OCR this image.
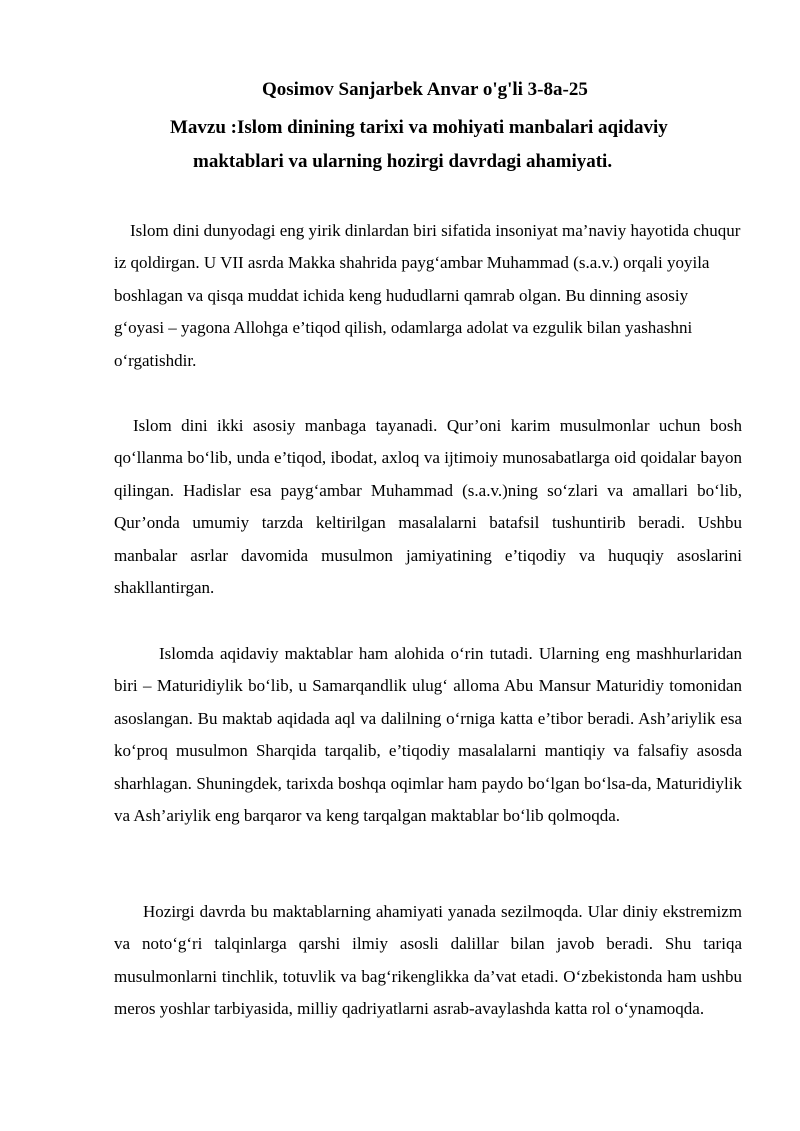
Qosimov Sanjarbek Anvar o'g'li 3-8a-25

Mavzu :Islom dinining tarixi va mohiyati manbalari aqidaviy

maktablari va ularning hozirgi davrdagi ahamiyati.

Islom dini dunyodagi eng yirik dinlardan biri sifatida insoniyat ma’naviy hayotida chuqur iz qoldirgan. U VII asrda Makka shahrida payg‘ambar Muhammad (s.a.v.) orqali yoyila boshlagan va qisqa muddat ichida keng hududlarni qamrab olgan. Bu dinning asosiy g‘oyasi – yagona Allohga e’tiqod qilish, odamlarga adolat va ezgulik bilan yashashni o‘rgatishdir.

Islom dini ikki asosiy manbaga tayanadi. Qur’oni karim musulmonlar uchun bosh qo‘llanma bo‘lib, unda e’tiqod, ibodat, axloq va ijtimoiy munosabatlarga oid qoidalar bayon qilingan. Hadislar esa payg‘ambar Muhammad (s.a.v.)ning so‘zlari va amallari bo‘lib, Qur’onda umumiy tarzda keltirilgan masalalarni batafsil tushuntirib beradi. Ushbu manbalar asrlar davomida musulmon jamiyatining e’tiqodiy va huquqiy asoslarini shakllantirgan.

Islomda aqidaviy maktablar ham alohida o‘rin tutadi. Ularning eng mashhurlaridan biri – Maturidiylik bo‘lib, u Samarqandlik ulug‘ alloma Abu Mansur Maturidiy tomonidan asoslangan. Bu maktab aqidada aql va dalilning o‘rniga katta e’tibor beradi. Ash’ariylik esa ko‘proq musulmon Sharqida tarqalib, e’tiqodiy masalalarni mantiqiy va falsafiy asosda sharhlagan. Shuningdek, tarixda boshqa oqimlar ham paydo bo‘lgan bo‘lsa-da, Maturidiylik va Ash’ariylik eng barqaror va keng tarqalgan maktablar bo‘lib qolmoqda.

Hozirgi davrda bu maktablarning ahamiyati yanada sezilmoqda. Ular diniy ekstremizm va noto‘g‘ri talqinlarga qarshi ilmiy asosli dalillar bilan javob beradi. Shu tariqa musulmonlarni tinchlik, totuvlik va bag‘rikenglikka da’vat etadi. O‘zbekistonda ham ushbu meros yoshlar tarbiyasida, milliy qadriyatlarni asrab-avaylashda katta rol o‘ynamoqda.
